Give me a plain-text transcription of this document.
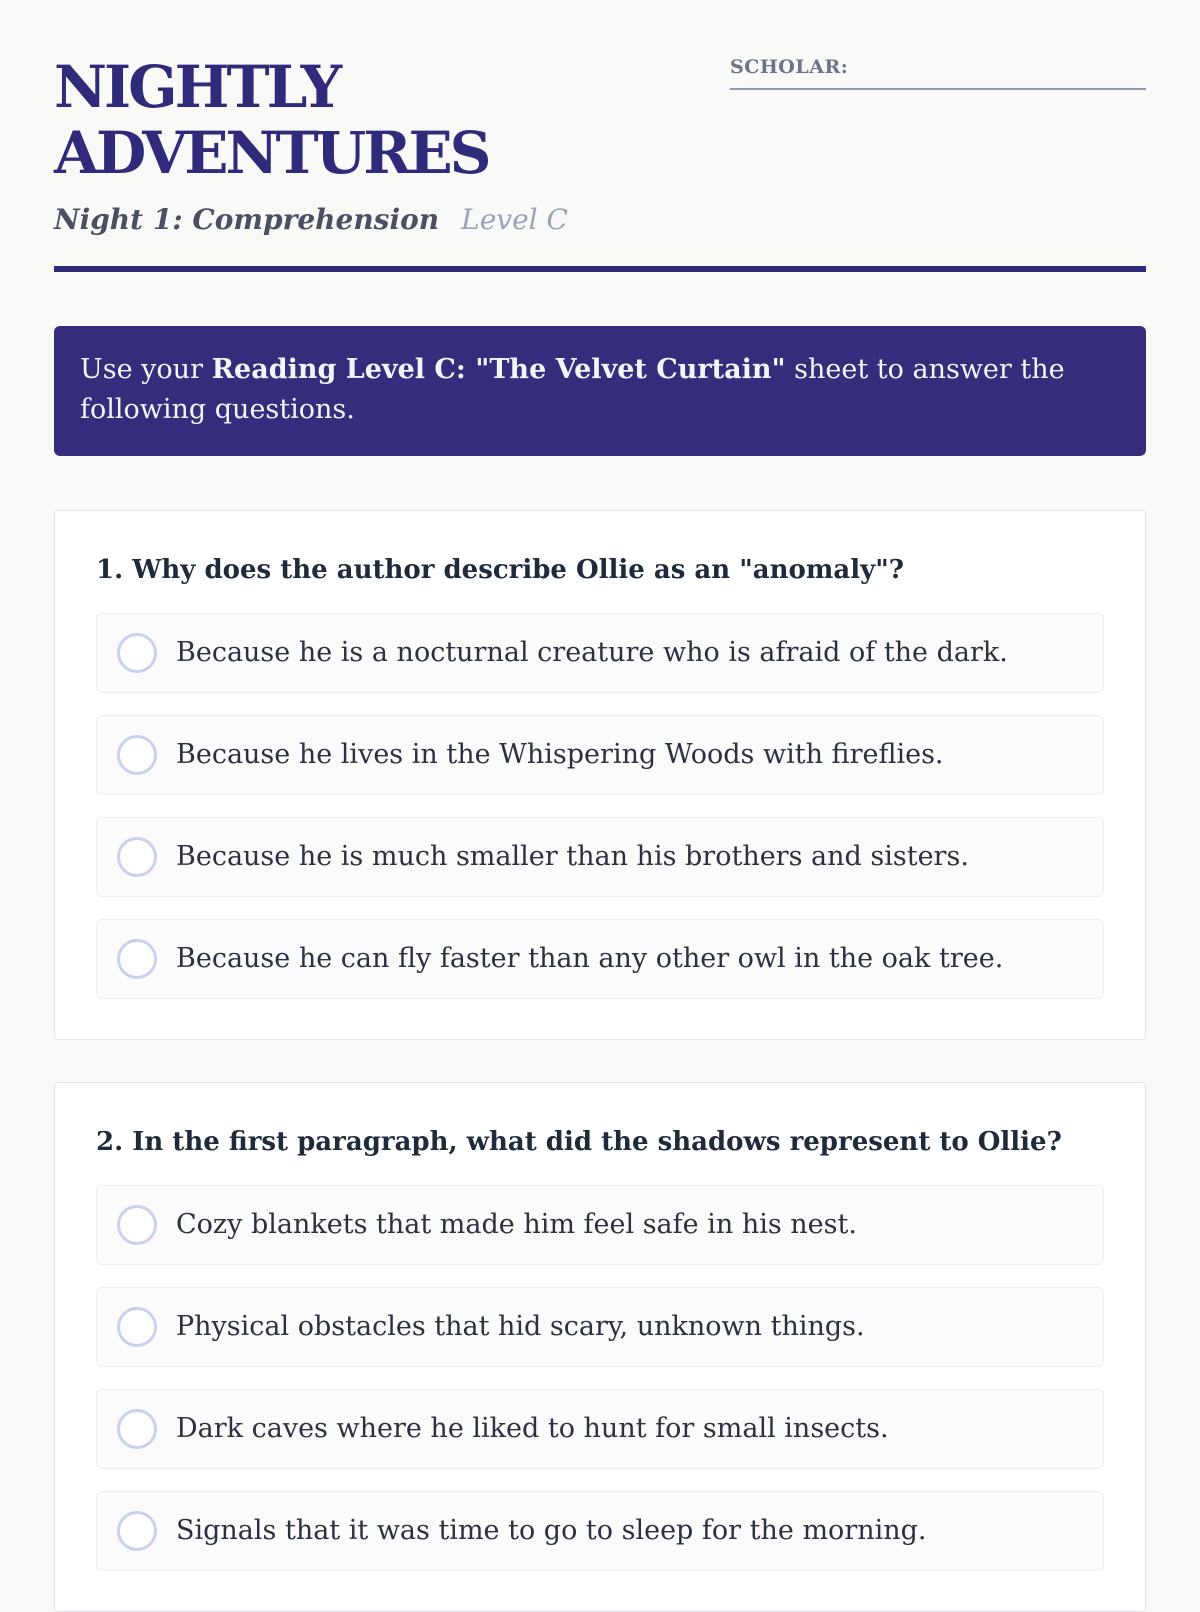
NIGHTLY ADVENTURES
Night 1: Comprehension Level C
SCHOLAR:
Use your Reading Level C: "The Velvet Curtain" sheet to answer the following questions.
1. Why does the author describe Ollie as an "anomaly"?
Because he is a nocturnal creature who is afraid of the dark.
Because he lives in the Whispering Woods with fireflies.
Because he is much smaller than his brothers and sisters.
Because he can fly faster than any other owl in the oak tree.
2. In the first paragraph, what did the shadows represent to Ollie?
Cozy blankets that made him feel safe in his nest.
Physical obstacles that hid scary, unknown things.
Dark caves where he liked to hunt for small insects.
Signals that it was time to go to sleep for the morning.
